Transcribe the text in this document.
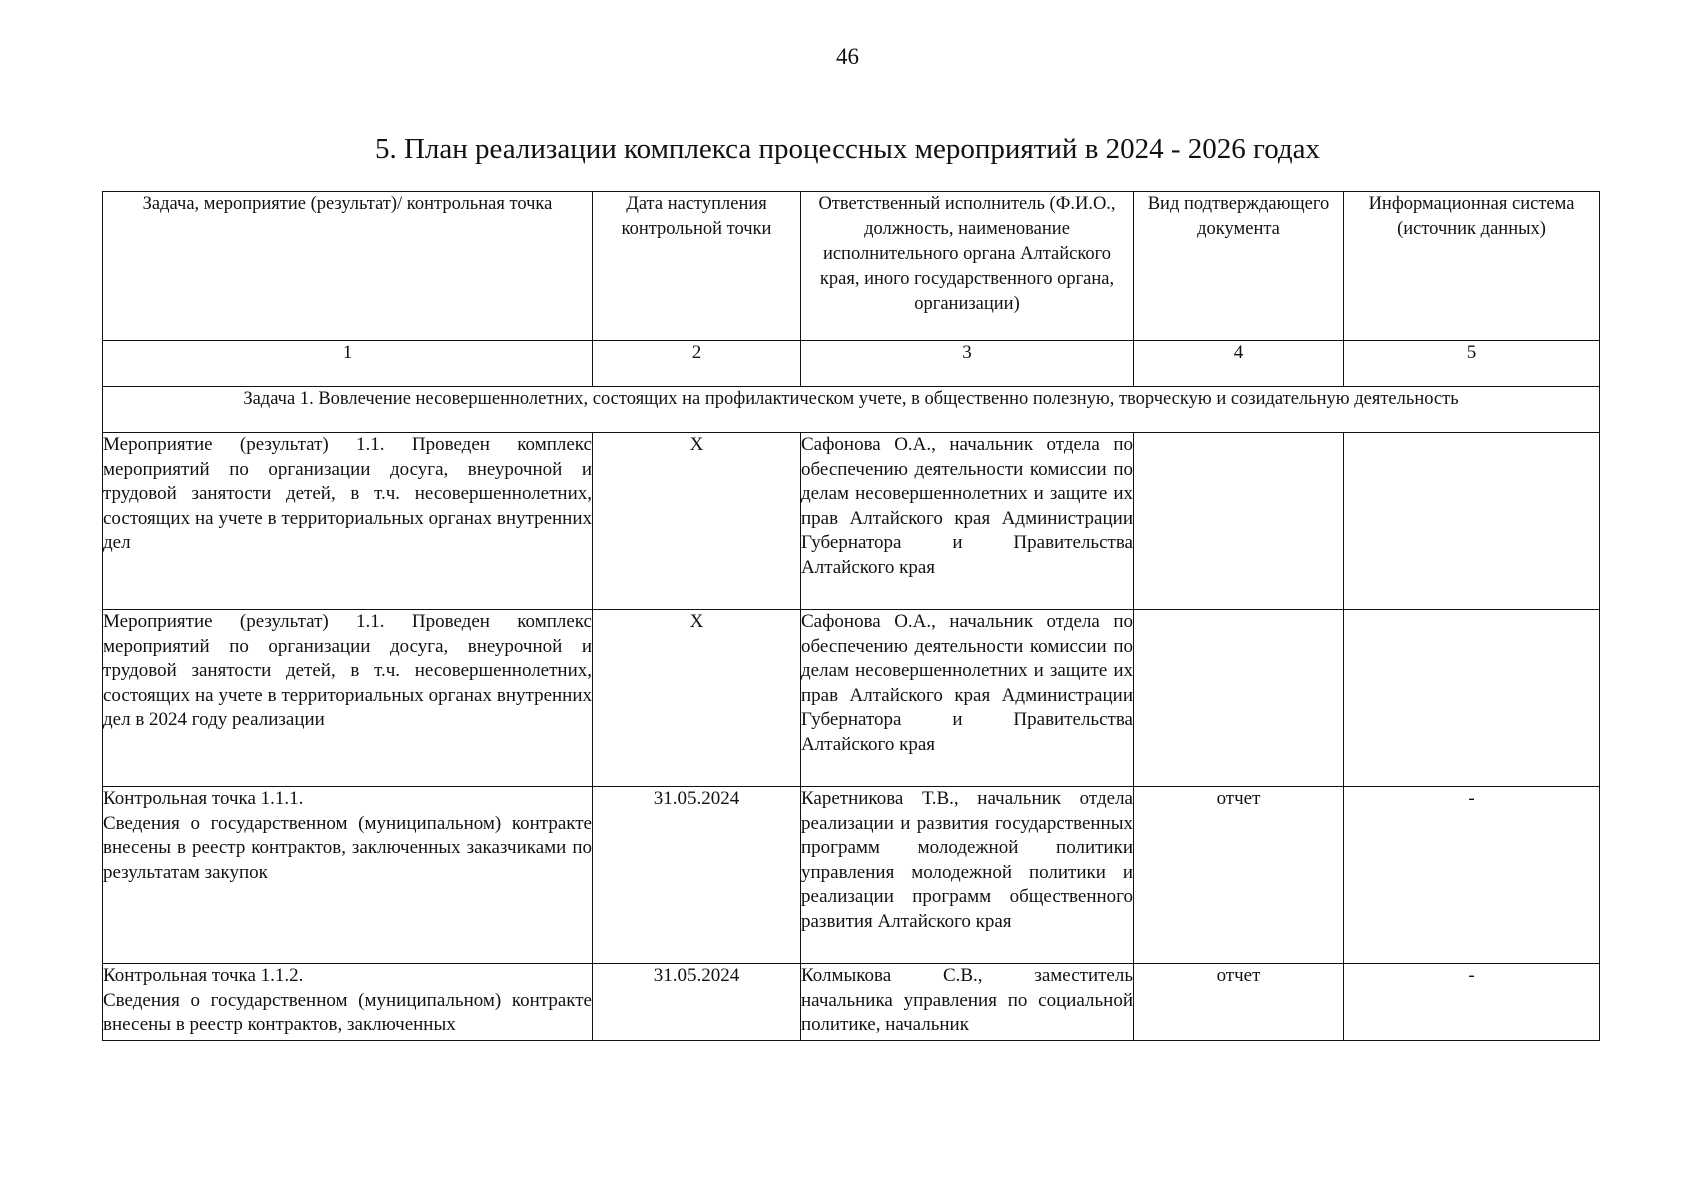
46
5. План реализации комплекса процессных мероприятий в 2024 - 2026 годах
Задача, мероприятие (результат)/ контрольная точка	Дата наступления контрольной точки	Ответственный исполнитель (Ф.И.О., должность, наименование исполнительного органа Алтайского края, иного государственного органа, организации)	Вид подтверждающего документа	Информационная система (источник данных)
1	2	3	4	5
Задача 1. Вовлечение несовершеннолетних, состоящих на профилактическом учете, в общественно полезную, творческую и созидательную деятельность				
Мероприятие (результат) 1.1. Проведен комплекс мероприятий по организации досуга, внеурочной и трудовой занятости детей, в т.ч. несовершеннолетних, состоящих на учете в территориальных органах внутренних дел	X	Сафонова О.А., начальник отдела по обеспечению деятельности комиссии по делам несовершеннолетних и защите их прав Алтайского края Администрации Губернатора и Правительства Алтайского края		
Мероприятие (результат) 1.1. Проведен комплекс мероприятий по организации досуга, внеурочной и трудовой занятости детей, в т.ч. несовершеннолетних, состоящих на учете в территориальных органах внутренних дел в 2024 году реализации	X	Сафонова О.А., начальник отдела по обеспечению деятельности комиссии по делам несовершеннолетних и защите их прав Алтайского края Администрации Губернатора и Правительства Алтайского края		

Контрольная точка 1.1.1.
Сведения о государственном (муниципальном) контракте внесены в реестр контрактов, заключенных заказчиками по результатам закупок	31.05.2024	Каретникова Т.В., начальник отдела реализации и развития государственных программ молодежной политики управления молодежной политики и реализации программ общественного развития Алтайского края	отчет	-

Контрольная точка 1.1.2.
Сведения о государственном (муниципальном) контракте внесены в реестр контрактов, заключенных	31.05.2024	Колмыкова С.В., заместитель начальника управления по социальной политике, начальник	отчет	-
